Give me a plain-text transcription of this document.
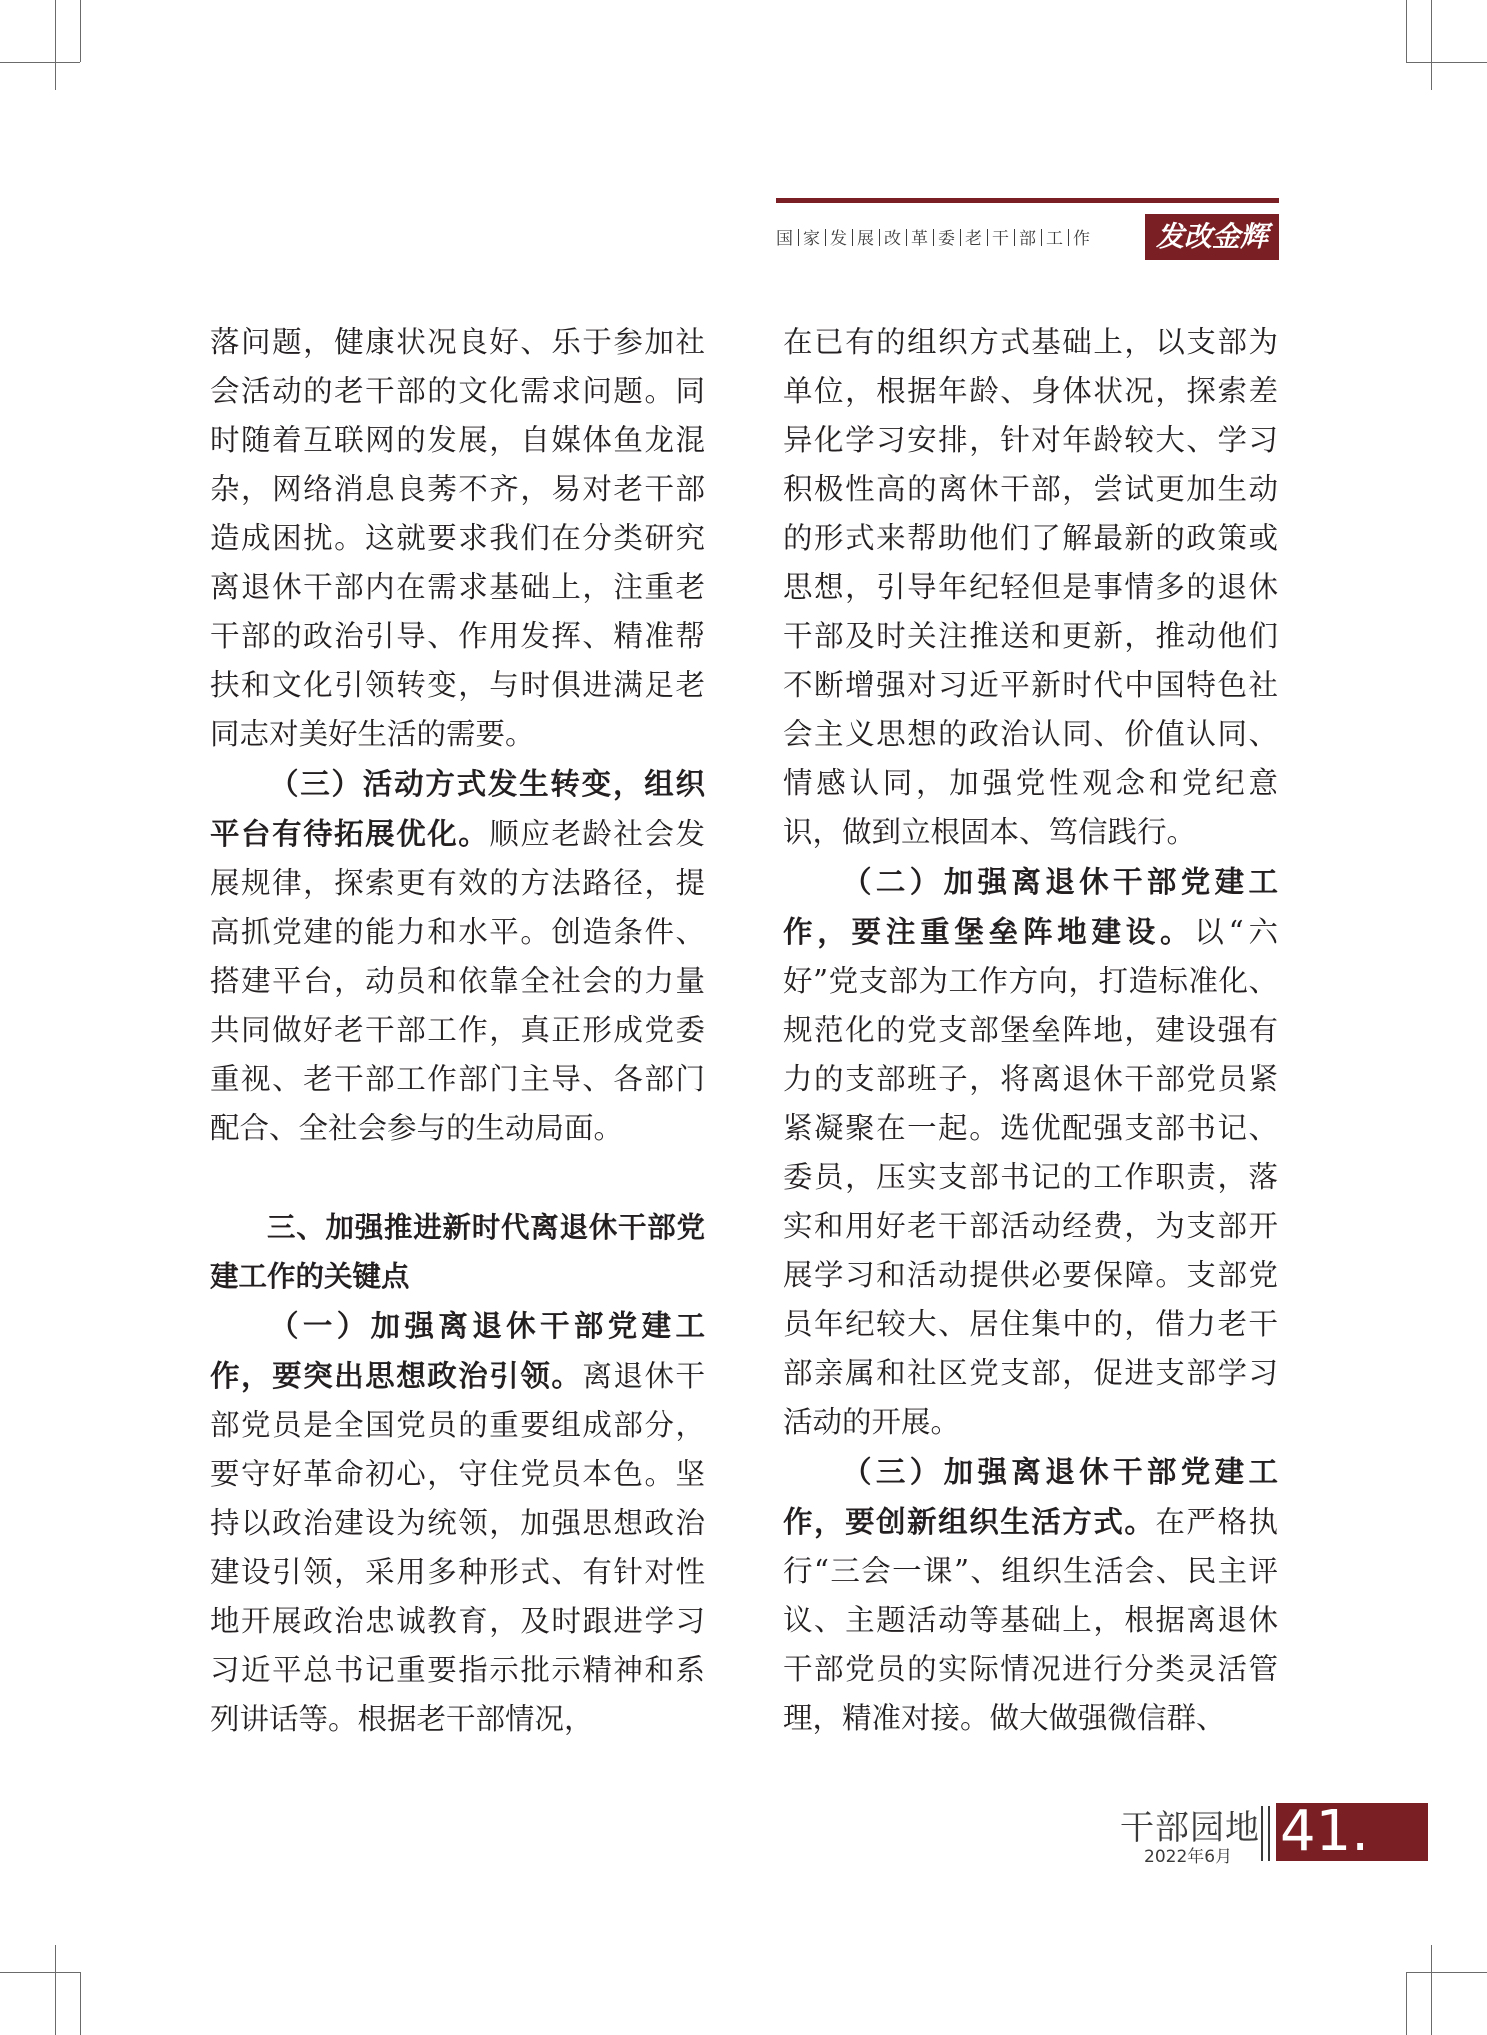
国 家 发 展 改 革 委 老 干 部 工 作	发改金辉

落问题，健康状况良好、乐于参加社会活动的老干部的文化需求问题。同时随着互联网的发展，自媒体鱼龙混杂，网络消息良莠不齐，易对老干部造成困扰。这就要求我们在分类研究离退休干部内在需求基础上，注重老干部的政治引导、作用发挥、精准帮扶和文化引领转变，与时俱进满足老同志对美好生活的需要。

（三）活动方式发生转变，组织平台有待拓展优化。顺应老龄社会发展规律，探索更有效的方法路径，提高抓党建的能力和水平。创造条件、搭建平台，动员和依靠全社会的力量共同做好老干部工作，真正形成党委重视、老干部工作部门主导、各部门配合、全社会参与的生动局面。

三、加强推进新时代离退休干部党建工作的关键点

（一）加强离退休干部党建工作，要突出思想政治引领。离退休干部党员是全国党员的重要组成部分，要守好革命初心，守住党员本色。坚持以政治建设为统领，加强思想政治建设引领，采用多种形式、有针对性地开展政治忠诚教育，及时跟进学习习近平总书记重要指示批示精神和系列讲话等。根据老干部情况，

在已有的组织方式基础上，以支部为单位，根据年龄、身体状况，探索差异化学习安排，针对年龄较大、学习积极性高的离休干部，尝试更加生动的形式来帮助他们了解最新的政策或思想，引导年纪轻但是事情多的退休干部及时关注推送和更新，推动他们不断增强对习近平新时代中国特色社会主义思想的政治认同、价值认同、情感认同，加强党性观念和党纪意识，做到立根固本、笃信践行。

（二）加强离退休干部党建工作，要注重堡垒阵地建设。以“六好”党支部为工作方向，打造标准化、规范化的党支部堡垒阵地，建设强有力的支部班子，将离退休干部党员紧紧凝聚在一起。选优配强支部书记、委员，压实支部书记的工作职责，落实和用好老干部活动经费，为支部开展学习和活动提供必要保障。支部党员年纪较大、居住集中的，借力老干部亲属和社区党支部，促进支部学习活动的开展。

（三）加强离退休干部党建工作，要创新组织生活方式。在严格执行“三会一课”、组织生活会、民主评议、主题活动等基础上，根据离退休干部党员的实际情况进行分类灵活管理，精准对接。做大做强微信群、

干部园地
2022年6月 41.
